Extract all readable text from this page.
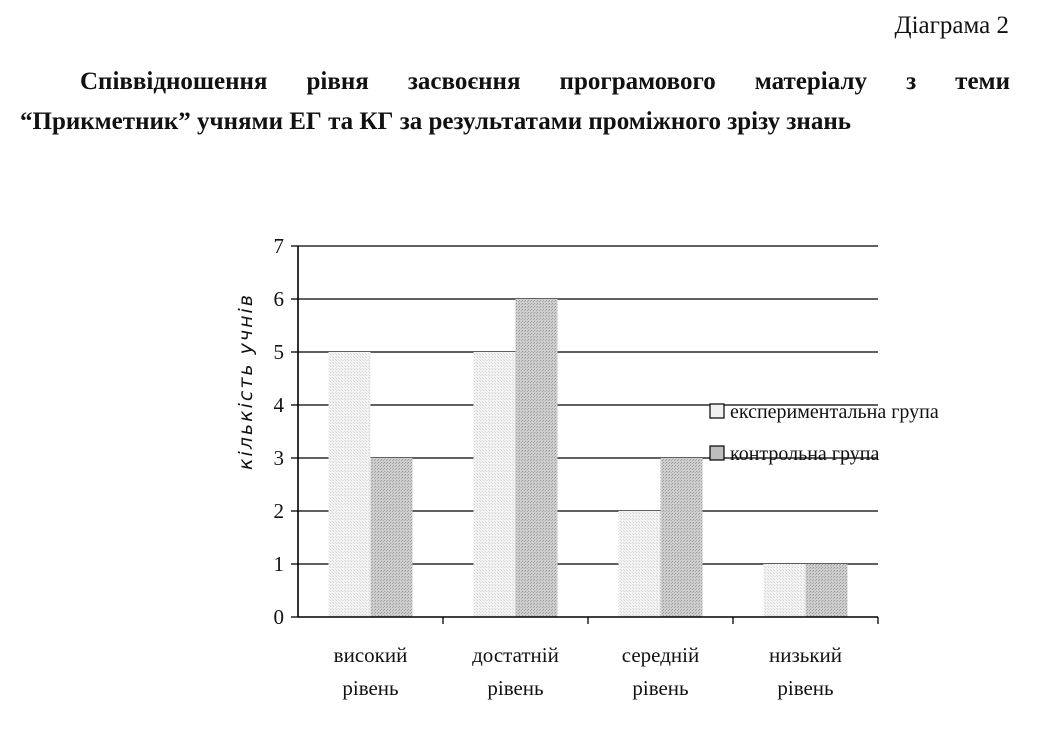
Діаграма 2
Співвідношення рівня засвоєння програмового матеріалу з теми
“Прикметник” учнями ЕГ та КГ за результатами проміжного зрізу знань
0
1
2
3
4
5
6
7
високий
рівень
достатній
рівень
середній
рівень
низький
рівень
кількість учнів	експериментальна група
контрольна група
